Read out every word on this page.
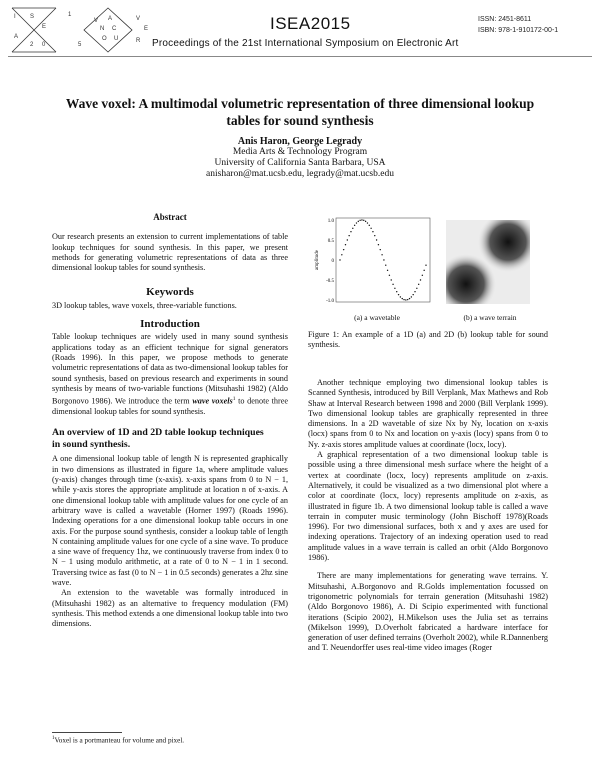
I S
E
A
2 0
1
5
V A
N C
O U
V
E
R
ISEA2015
Proceedings of the 21st International Symposium on Electronic Art
ISSN: 2451-8611
ISBN: 978-1-910172-00-1
Wave voxel: A multimodal volumetric representation of three dimensional lookup
tables for sound synthesis
Anis Haron, George Legrady
Media Arts & Technology Program
University of California Santa Barbara, USA
anisharon@mat.ucsb.edu, legrady@mat.ucsb.edu
Abstract

Our research presents an extension to current implementations of table lookup techniques for sound synthesis. In this paper, we present methods for generating volumetric representations of data as three dimensional lookup tables for sound synthesis.

Keywords

3D lookup tables, wave voxels, three-variable functions.

Introduction

Table lookup techniques are widely used in many sound synthesis applications today as an efficient technique for signal generators (Roads 1996). In this paper, we propose methods to generate volumetric representations of data as two-dimensional lookup tables for sound synthesis, based on previous research and experiments in sound synthesis by means of two-variable functions (Mitsuhashi 1982) (Aldo Borgonovo 1986). We introduce the term wave voxels$^1$ to denote three dimensional lookup tables for sound synthesis.

An overview of 1D and 2D table lookup techniques
in sound synthesis.

A one dimensional lookup table of length N is represented graphically in two dimensions as illustrated in figure 1a, where amplitude values (y-axis) changes through time (x-axis). x-axis spans from 0 to N − 1, while y-axis stores the appropriate amplitude at location n of x-axis. A one dimensional lookup table with amplitude values for one cycle of an arbitrary wave is called a wavetable (Horner 1997) (Roads 1996). Indexing operations for a one dimensional lookup table occurs in one axis. For the purpose sound synthesis, consider a lookup table of length N containing amplitude values for one cycle of a sine wave. To produce a sine wave of frequency 1hz, we continuously traverse from index 0 to N − 1 using modulo arithmetic, at a rate of 0 to N − 1 in 1 second. Traversing twice as fast (0 to N − 1 in 0.5 seconds) generates a 2hz sine wave.

An extension to the wavetable was formally introduced in (Mitsuhashi 1982) as an alternative to frequency modulation (FM) synthesis. This method extends a one dimensional lookup table into two dimensions.

$^1$Voxel is a portmanteau for volume and pixel.
1.0
0.5
0
-0.5
-1.0
amplitude
(a) a wavetable	(b) a wave terrain
Figure 1: An example of a 1D (a) and 2D (b) lookup table for sound synthesis.

Another technique employing two dimensional lookup tables is Scanned Synthesis, introduced by Bill Verplank, Max Mathews and Rob Shaw at Interval Research between 1998 and 2000 (Bill Verplank 1999). Two dimensional lookup tables are graphically represented in three dimensions. In a 2D wavetable of size Nx by Ny, location on x-axis (locx) spans from 0 to Nx and location on y-axis (locy) spans from 0 to Ny. z-axis stores amplitude values at coordinate (locx, locy).

A graphical representation of a two dimensional lookup table is possible using a three dimensional mesh surface where the height of a vertex at coordinate (locx, locy) represents amplitude on z-axis. Alternatively, it could be visualized as a two dimensional plot where a color at coordinate (locx, locy) represents amplitude on z-axis, as illustrated in figure 1b. A two dimensional lookup table is called a wave terrain in computer music terminology (John Bischoff 1978)(Roads 1996). For two dimensional surfaces, both x and y axes are used for indexing operations. Trajectory of an indexing operation used to read amplitude values in a wave terrain is called an orbit (Aldo Borgonovo 1986).

There are many implementations for generating wave terrains. Y. Mitsuhashi, A.Borgonovo and R.Golds implementation focussed on trigonometric polynomials for terrain generation (Mitsuhashi 1982) (Aldo Borgonovo 1986), A. Di Scipio experimented with functional iterations (Scipio 2002), H.Mikelson uses the Julia set as terrains (Mikelson 1999), D.Overholt fabricated a hardware interface for generation of user defined terrains (Overholt 2002), while R.Dannenberg and T. Neuendorffer uses real-time video images (Roger
